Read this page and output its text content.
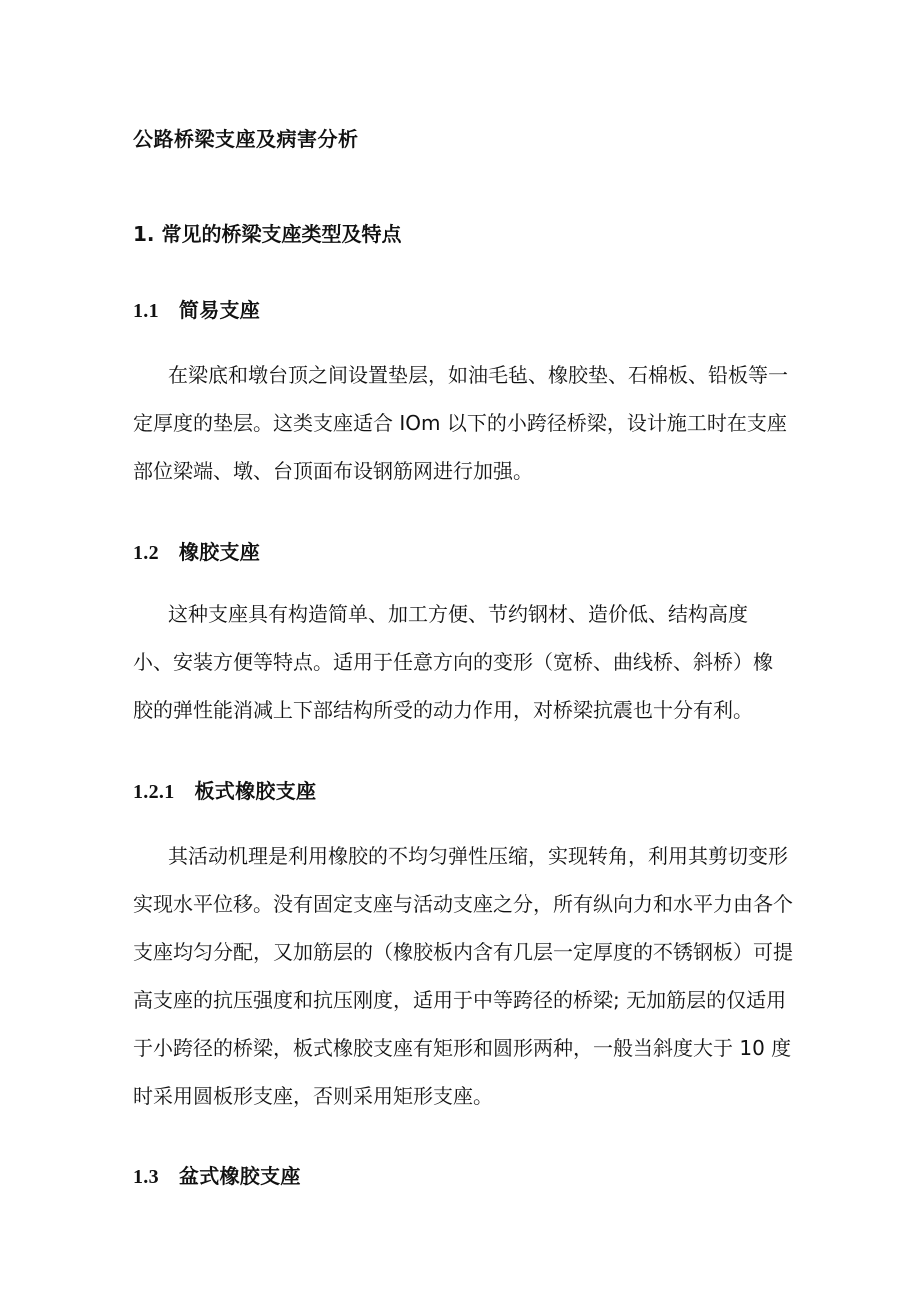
公路桥梁支座及病害分析
1. 常见的桥梁支座类型及特点
1.1 简易支座

在梁底和墩台顶之间设置垫层，如油毛毡、橡胶垫、石棉板、铅板等一
定厚度的垫层。这类支座适合 IOm 以下的小跨径桥梁，设计施工时在支座
部位梁端、墩、台顶面布设钢筋网进行加强。

1.2 橡胶支座

这种支座具有构造简单、加工方便、节约钢材、造价低、结构高度
小、安装方便等特点。适用于任意方向的变形（宽桥、曲线桥、斜桥）橡
胶的弹性能消减上下部结构所受的动力作用，对桥梁抗震也十分有利。

1.2.1 板式橡胶支座

其活动机理是利用橡胶的不均匀弹性压缩，实现转角，利用其剪切变形
实现水平位移。没有固定支座与活动支座之分，所有纵向力和水平力由各个
支座均匀分配，又加筋层的（橡胶板内含有几层一定厚度的不锈钢板）可提
高支座的抗压强度和抗压刚度，适用于中等跨径的桥梁; 无加筋层的仅适用
于小跨径的桥梁，板式橡胶支座有矩形和圆形两种，一般当斜度大于 10 度
时采用圆板形支座，否则采用矩形支座。

1.3 盆式橡胶支座
